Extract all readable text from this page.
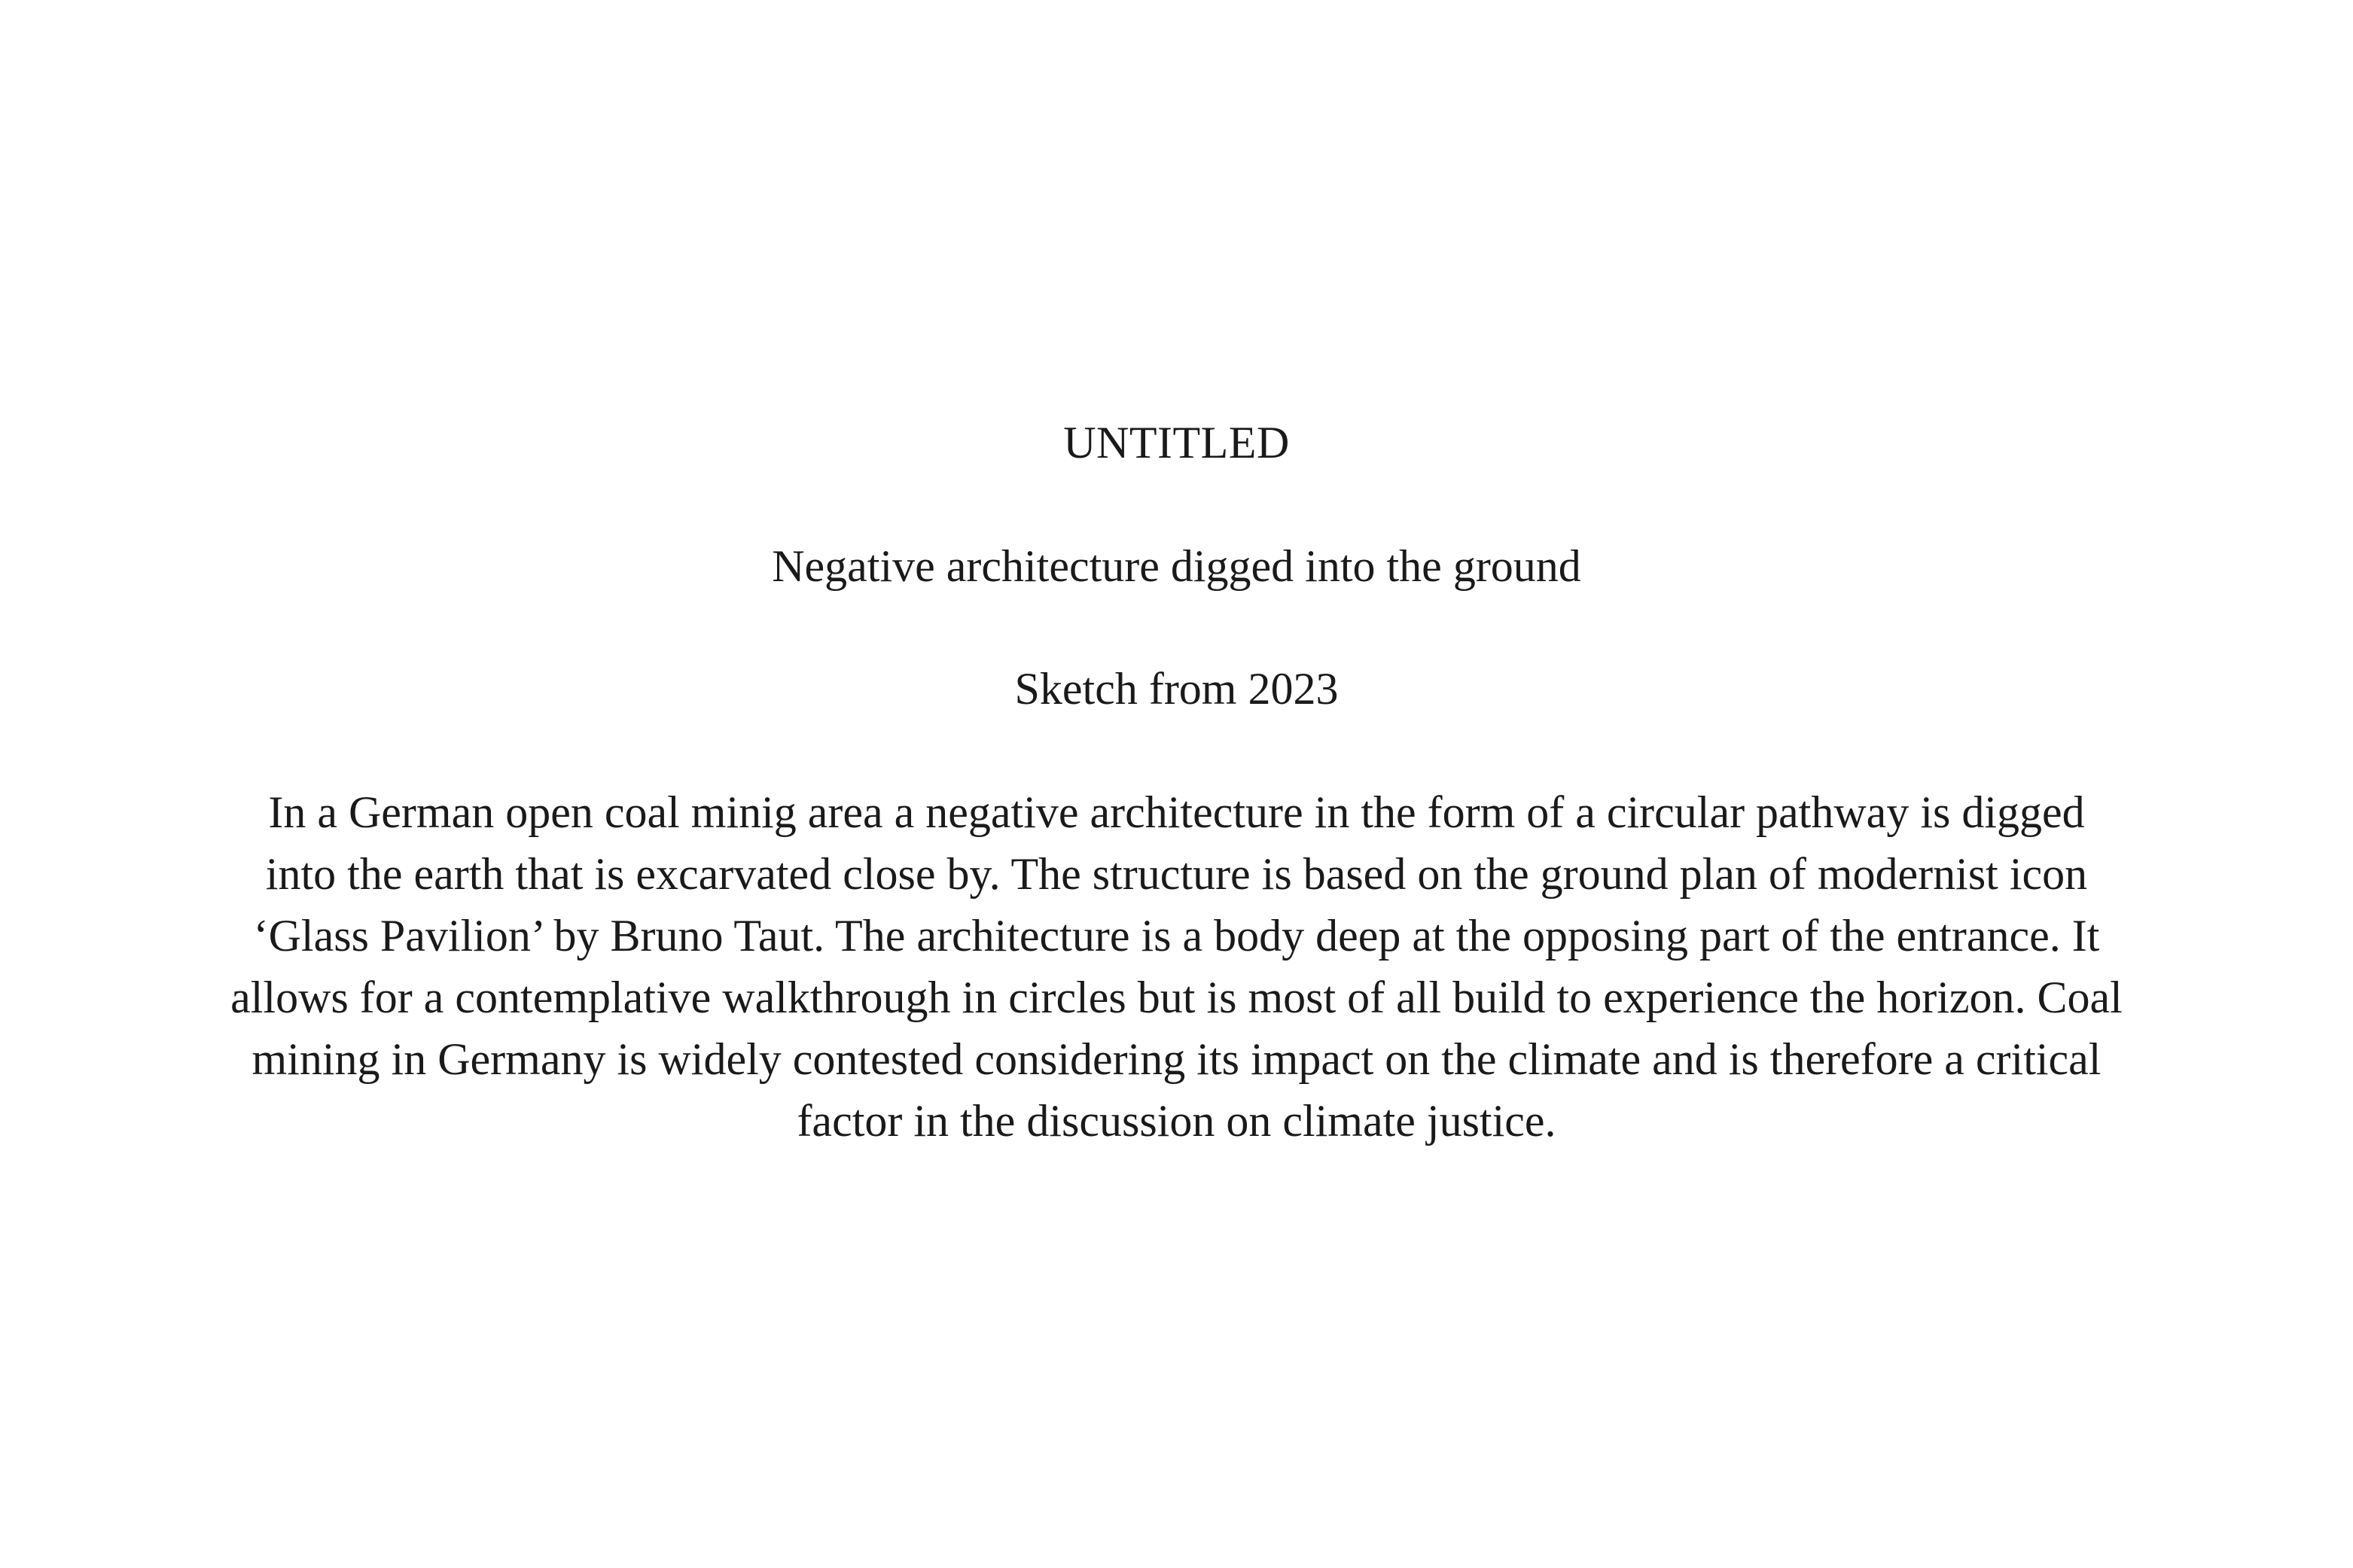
UNTITLED

Negative architecture digged into the ground

Sketch from 2023

In a German open coal minig area a negative architecture in the form of a circular pathway is digged
into the earth that is excarvated close by. The structure is based on the ground plan of modernist icon
‘Glass Pavilion’ by Bruno Taut. The architecture is a body deep at the opposing part of the entrance. It
allows for a contemplative walkthrough in circles but is most of all build to experience the horizon. Coal
mining in Germany is widely contested considering its impact on the climate and is therefore a critical
factor in the discussion on climate justice.
